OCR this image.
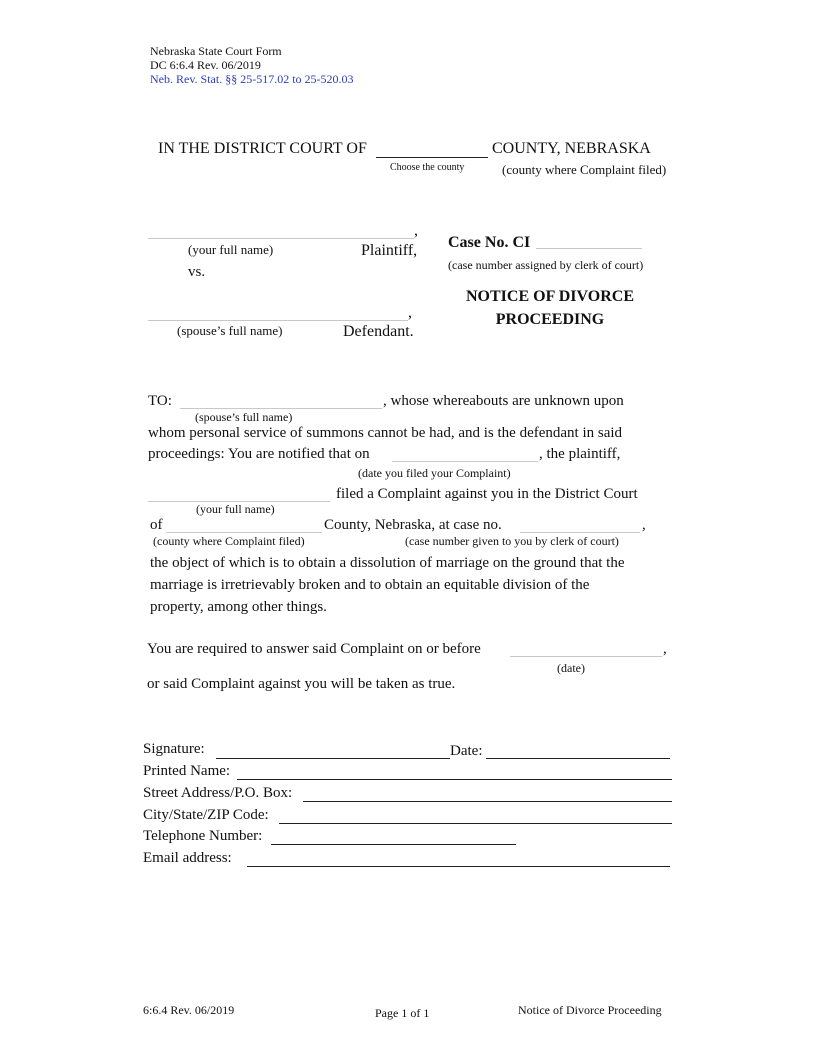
Nebraska State Court Form
DC 6:6.4 Rev. 06/2019
Neb. Rev. Stat. §§ 25-517.02 to 25-520.03
IN THE DISTRICT COURT OF	COUNTY, NEBRASKA
Choose the county	(county where Complaint filed)
,
(your full name)	Plaintiff,
vs.
,
(spouse’s full name)	Defendant.
Case No. CI
(case number assigned by clerk of court)
NOTICE OF DIVORCE
PROCEEDING
TO:	, whose whereabouts are unknown upon
(spouse’s full name)
whom personal service of summons cannot be had, and is the defendant in said
proceedings: You are notified that on	, the plaintiff,
(date you filed your Complaint)
filed a Complaint against you in the District Court
(your full name)
of	County, Nebraska, at case no.	,
(county where Complaint filed)	(case number given to you by clerk of court)
the object of which is to obtain a dissolution of marriage on the ground that the
marriage is irretrievably broken and to obtain an equitable division of the
property, among other things.
You are required to answer said Complaint on or before	,
(date)
or said Complaint against you will be taken as true.
Signature:	Date:
Printed Name:
Street Address/P.O. Box:
City/State/ZIP Code:
Telephone Number:
Email address:
6:6.4 Rev. 06/2019	Page 1 of 1	Notice of Divorce Proceeding
